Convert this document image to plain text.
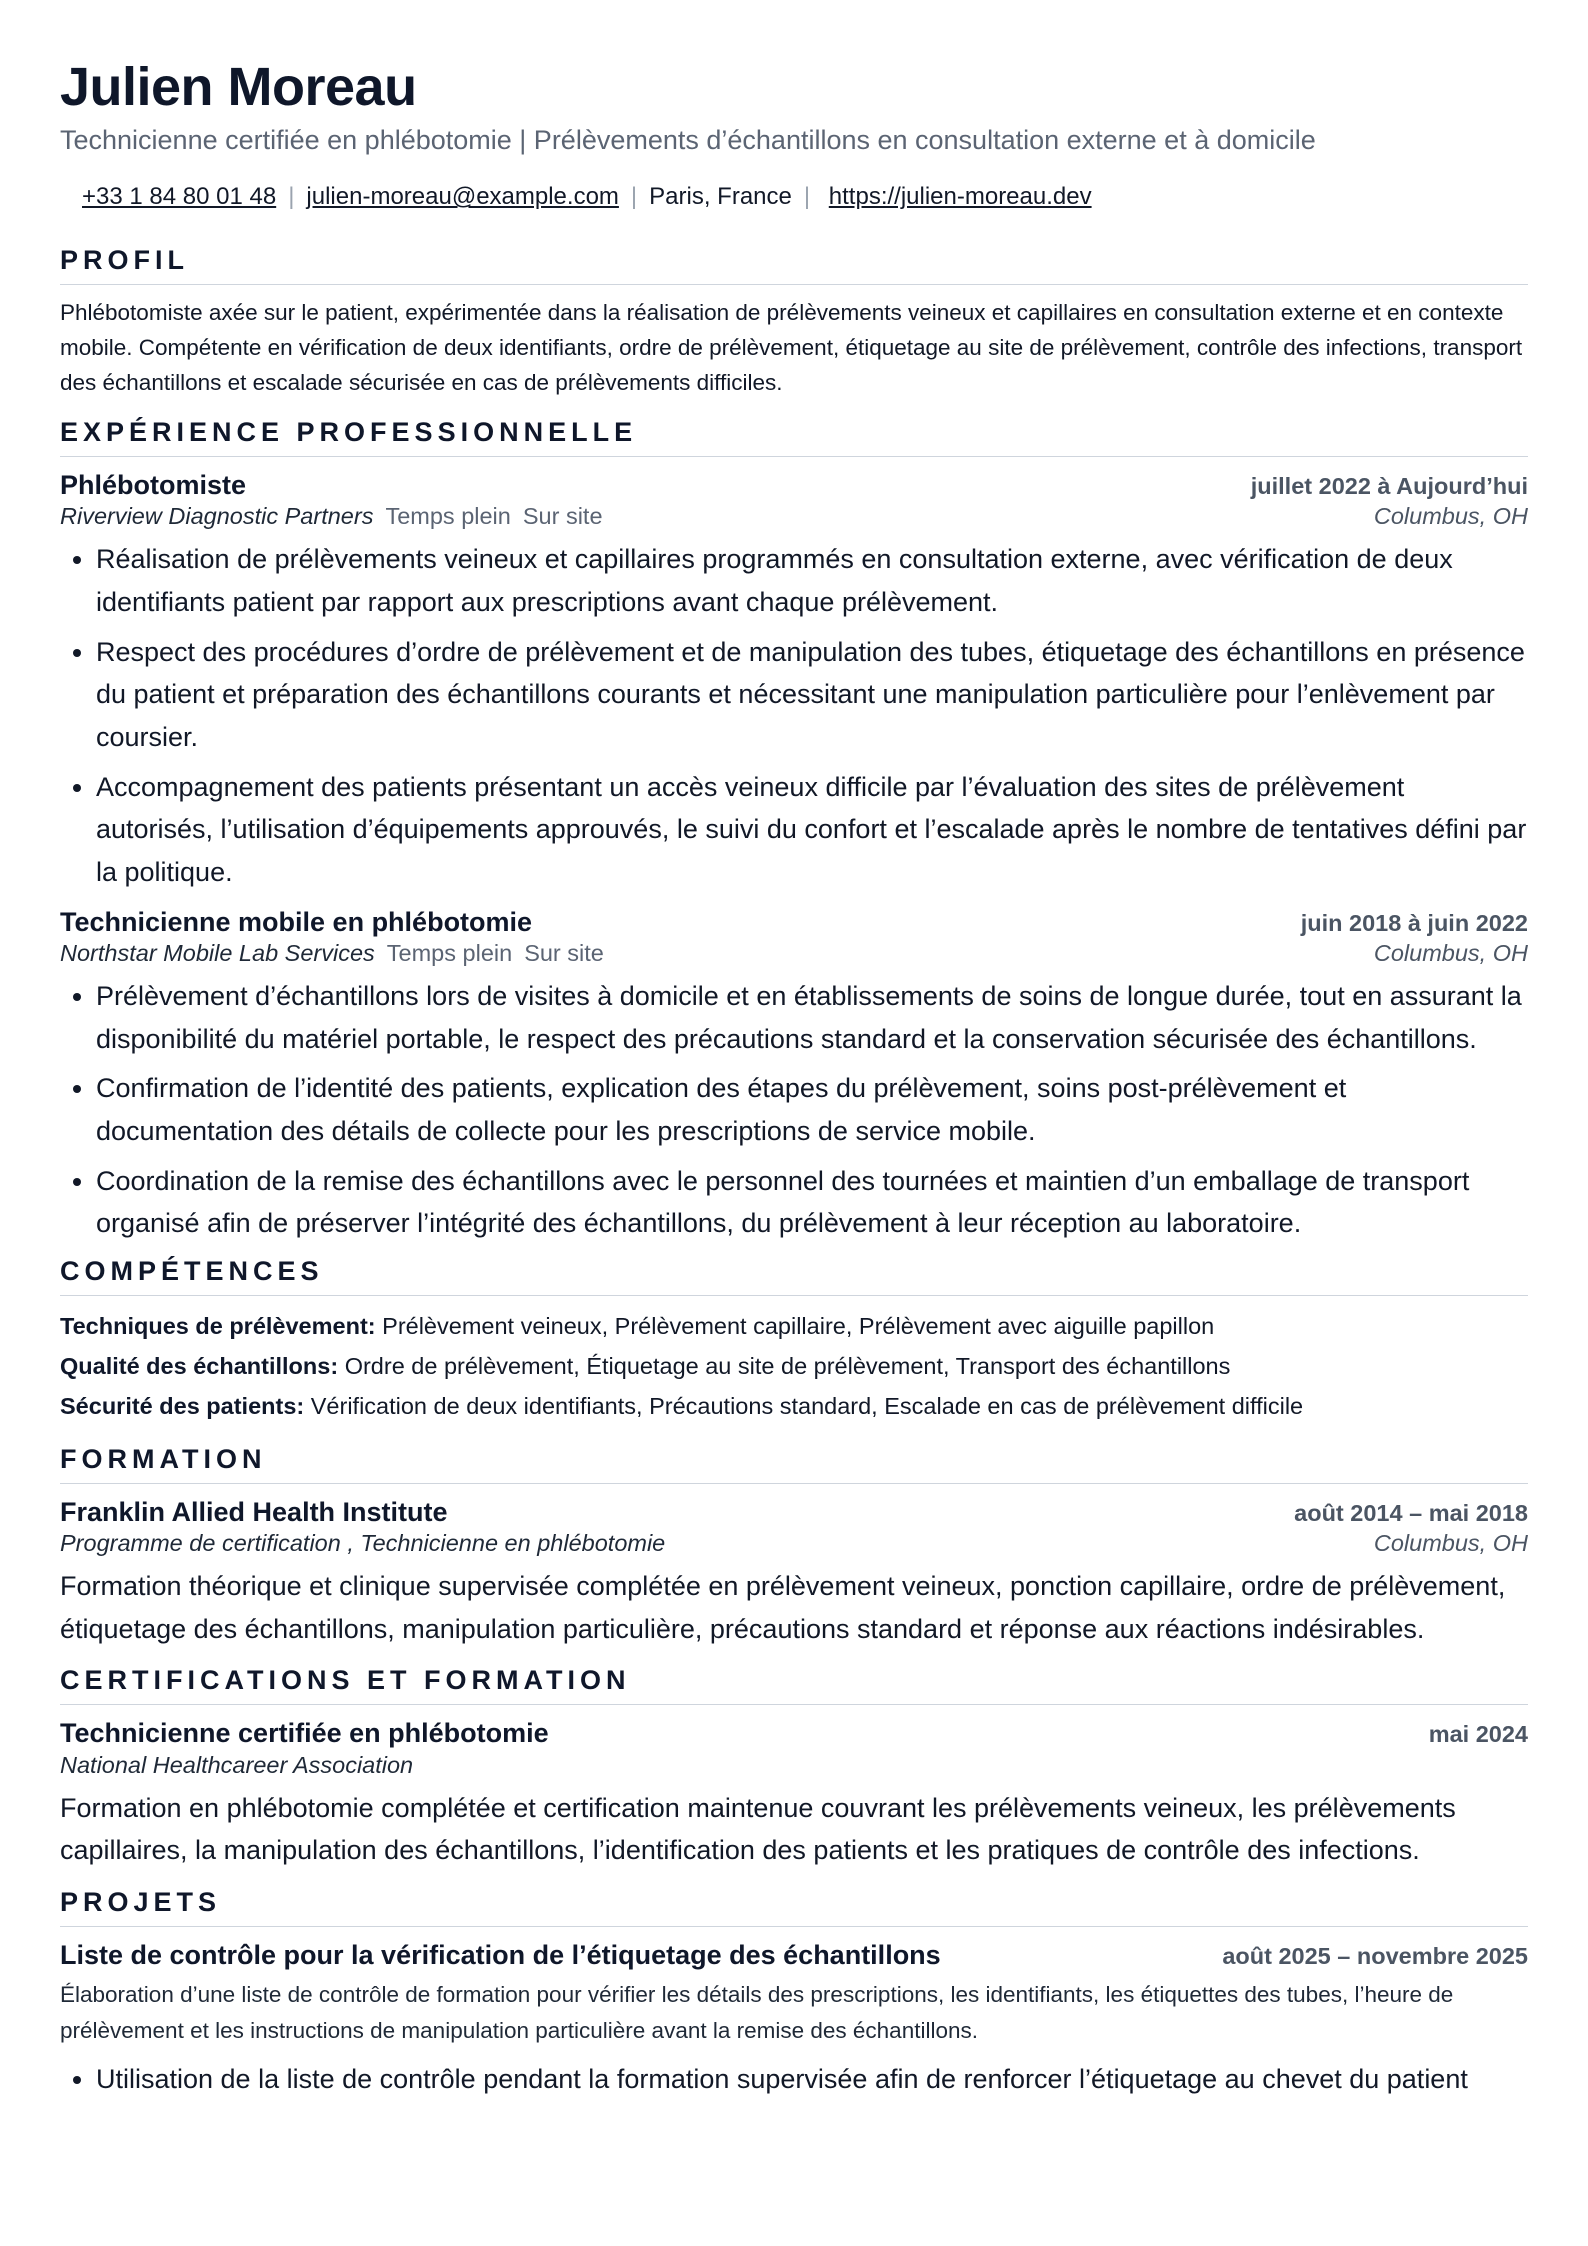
Julien Moreau
Technicienne certifiée en phlébotomie | Prélèvements d’échantillons en consultation externe et à domicile
+33 1 84 80 01 48 | julien-moreau@example.com | Paris, France | https://julien-moreau.dev
PROFIL
Phlébotomiste axée sur le patient, expérimentée dans la réalisation de prélèvements veineux et capillaires en consultation externe et en contexte mobile. Compétente en vérification de deux identifiants, ordre de prélèvement, étiquetage au site de prélèvement, contrôle des infections, transport des échantillons et escalade sécurisée en cas de prélèvements difficiles.
EXPÉRIENCE PROFESSIONNELLE
Phlébotomiste	juillet 2022 à Aujourd’hui
Riverview Diagnostic Partners Temps plein Sur site	Columbus, OH
• Réalisation de prélèvements veineux et capillaires programmés en consultation externe, avec vérification de deux identifiants patient par rapport aux prescriptions avant chaque prélèvement.
• Respect des procédures d’ordre de prélèvement et de manipulation des tubes, étiquetage des échantillons en présence du patient et préparation des échantillons courants et nécessitant une manipulation particulière pour l’enlèvement par coursier.
• Accompagnement des patients présentant un accès veineux difficile par l’évaluation des sites de prélèvement autorisés, l’utilisation d’équipements approuvés, le suivi du confort et l’escalade après le nombre de tentatives défini par la politique.
Technicienne mobile en phlébotomie	juin 2018 à juin 2022
Northstar Mobile Lab Services Temps plein Sur site	Columbus, OH
• Prélèvement d’échantillons lors de visites à domicile et en établissements de soins de longue durée, tout en assurant la disponibilité du matériel portable, le respect des précautions standard et la conservation sécurisée des échantillons.
• Confirmation de l’identité des patients, explication des étapes du prélèvement, soins post-prélèvement et documentation des détails de collecte pour les prescriptions de service mobile.
• Coordination de la remise des échantillons avec le personnel des tournées et maintien d’un emballage de transport organisé afin de préserver l’intégrité des échantillons, du prélèvement à leur réception au laboratoire.
COMPÉTENCES
Techniques de prélèvement: Prélèvement veineux, Prélèvement capillaire, Prélèvement avec aiguille papillon
Qualité des échantillons: Ordre de prélèvement, Étiquetage au site de prélèvement, Transport des échantillons
Sécurité des patients: Vérification de deux identifiants, Précautions standard, Escalade en cas de prélèvement difficile
FORMATION
Franklin Allied Health Institute	août 2014 – mai 2018
Programme de certification , Technicienne en phlébotomie	Columbus, OH
Formation théorique et clinique supervisée complétée en prélèvement veineux, ponction capillaire, ordre de prélèvement, étiquetage des échantillons, manipulation particulière, précautions standard et réponse aux réactions indésirables.
CERTIFICATIONS ET FORMATION
Technicienne certifiée en phlébotomie	mai 2024
National Healthcareer Association
Formation en phlébotomie complétée et certification maintenue couvrant les prélèvements veineux, les prélèvements capillaires, la manipulation des échantillons, l’identification des patients et les pratiques de contrôle des infections.
PROJETS
Liste de contrôle pour la vérification de l’étiquetage des échantillons	août 2025 – novembre 2025
Élaboration d’une liste de contrôle de formation pour vérifier les détails des prescriptions, les identifiants, les étiquettes des tubes, l’heure de prélèvement et les instructions de manipulation particulière avant la remise des échantillons.
• Utilisation de la liste de contrôle pendant la formation supervisée afin de renforcer l’étiquetage au chevet du patient
